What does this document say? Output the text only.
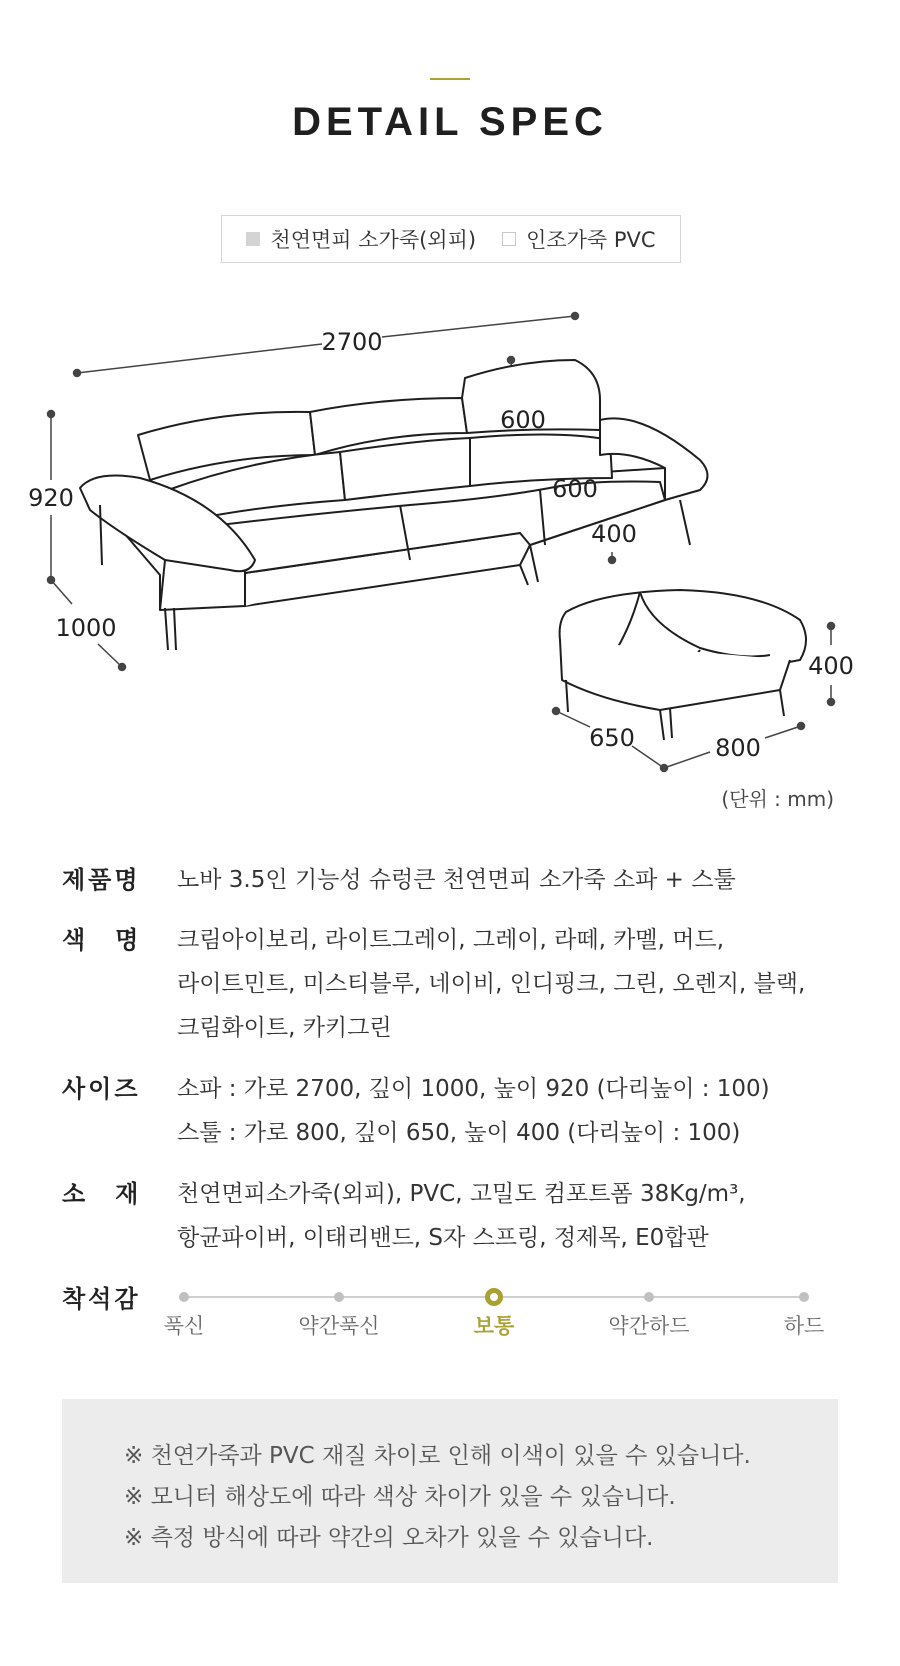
DETAIL SPEC
천연면피 소가죽(외피) 인조가죽 PVC
2700
920
1000
600
600
400
400
650	800
(단위 : mm)
제품명	노바 3.5인 기능성 슈렁큰 천연면피 소가죽 소파 + 스툴
색　명	크림아이보리, 라이트그레이, 그레이, 라떼, 카멜, 머드,
라이트민트, 미스티블루, 네이비, 인디핑크, 그린, 오렌지, 블랙,
크림화이트, 카키그린
사이즈	소파 : 가로 2700, 깊이 1000, 높이 920 (다리높이 : 100)
스툴 : 가로 800, 깊이 650, 높이 400 (다리높이 : 100)
소　재	천연면피소가죽(외피), PVC, 고밀도 컴포트폼 38Kg/m³,
항균파이버, 이태리밴드, S자 스프링, 정제목, E0합판
착석감
푹신	약간푹신	보통	약간하드	하드
※ 천연가죽과 PVC 재질 차이로 인해 이색이 있을 수 있습니다.
※ 모니터 해상도에 따라 색상 차이가 있을 수 있습니다.
※ 측정 방식에 따라 약간의 오차가 있을 수 있습니다.
